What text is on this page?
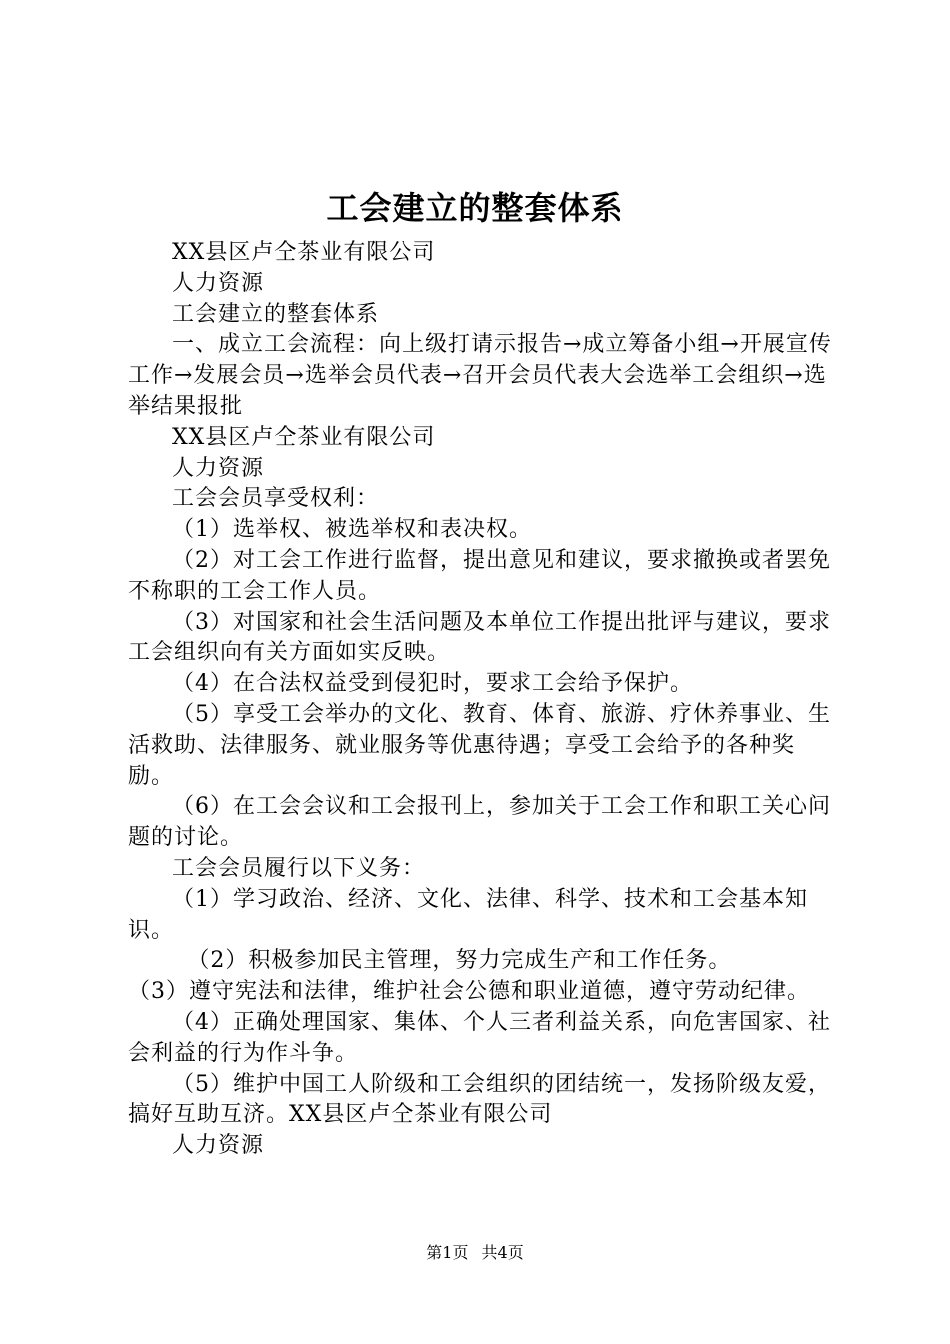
工会建立的整套体系

XX县区卢仝茶业有限公司

人力资源

工会建立的整套体系

一、成立工会流程：向上级打请示报告→成立筹备小组→开展宣传工作→发展会员→选举会员代表→召开会员代表大会选举工会组织→选举结果报批

XX县区卢仝茶业有限公司

人力资源

工会会员享受权利：

（1）选举权、被选举权和表决权。

（2）对工会工作进行监督，提出意见和建议，要求撤换或者罢免不称职的工会工作人员。

（3）对国家和社会生活问题及本单位工作提出批评与建议，要求工会组织向有关方面如实反映。

（4）在合法权益受到侵犯时，要求工会给予保护。

（5）享受工会举办的文化、教育、体育、旅游、疗休养事业、生活救助、法律服务、就业服务等优惠待遇；享受工会给予的各种奖励。

（6）在工会会议和工会报刊上，参加关于工会工作和职工关心问题的讨论。

工会会员履行以下义务：

（1）学习政治、经济、文化、法律、科学、技术和工会基本知识。

（2）积极参加民主管理，努力完成生产和工作任务。

（3）遵守宪法和法律，维护社会公德和职业道德，遵守劳动纪律。

（4）正确处理国家、集体、个人三者利益关系，向危害国家、社会利益的行为作斗争。

（5）维护中国工人阶级和工会组织的团结统一，发扬阶级友爱，搞好互助互济。XX县区卢仝茶业有限公司

人力资源

第1页 共4页
